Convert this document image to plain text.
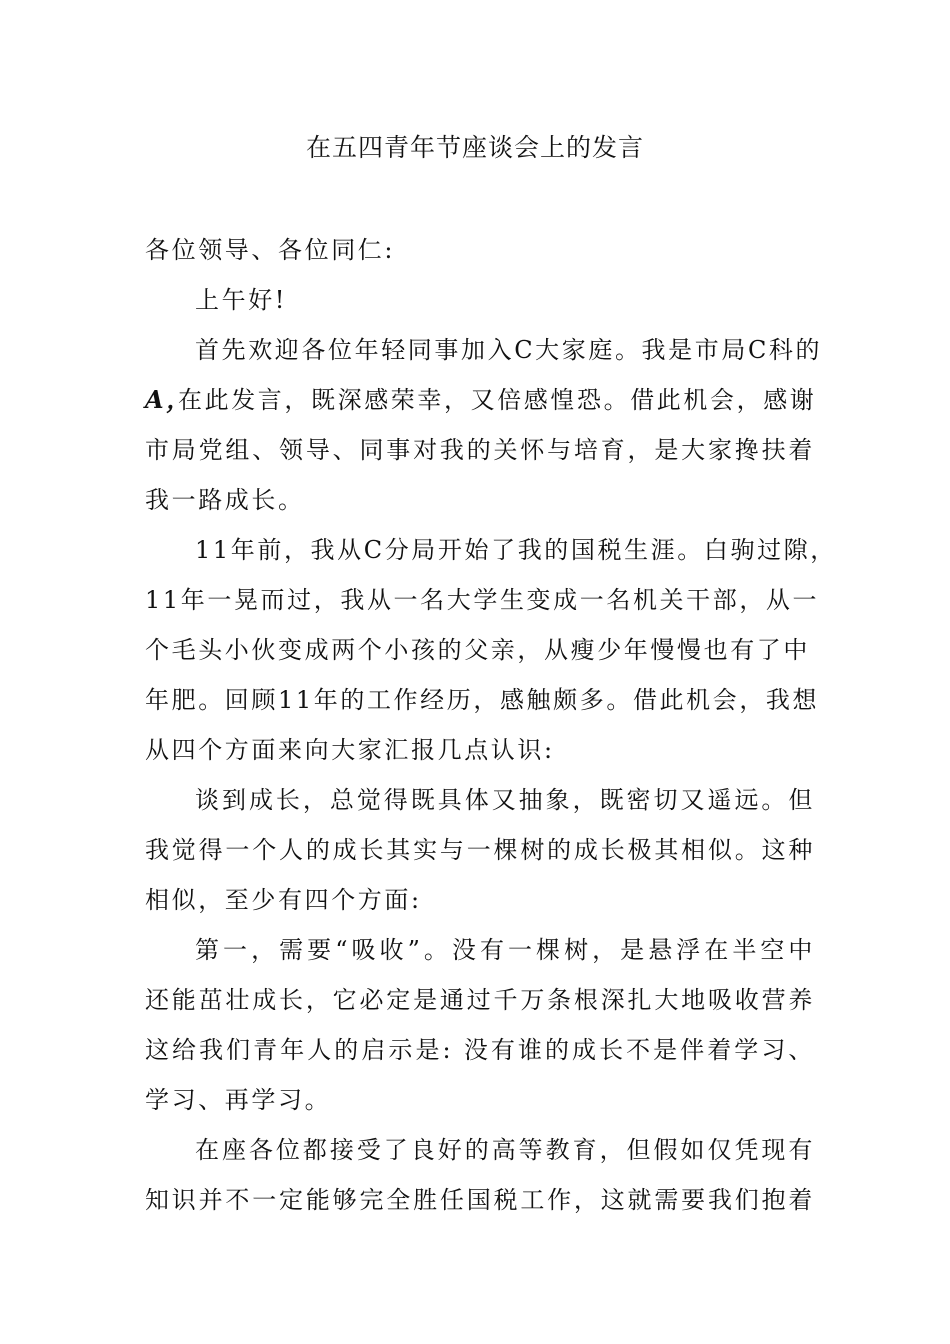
在五四青年节座谈会上的发言
各位领导、各位同仁:
上午好!
首先欢迎各位年轻同事加入C大家庭。我是市局C科的
A，
在此发言，既深感荣幸，又倍感惶恐。借此机会，感谢
市局党组、领导、同事对我的关怀与培育，是大家搀扶着
我一路成长。
11年前，我从C分局开始了我的国税生涯。白驹过隙，
11年一晃而过，我从一名大学生变成一名机关干部，从一
个毛头小伙变成两个小孩的父亲，从瘦少年慢慢也有了中
年肥。回顾11年的工作经历，感触颇多。借此机会，我想
从四个方面来向大家汇报几点认识:
谈到成长，总觉得既具体又抽象，既密切又遥远。但
我觉得一个人的成长其实与一棵树的成长极其相似。这种
相似，至少有四个方面:
第一，需要“吸收”。没有一棵树，是悬浮在半空中
还能茁壮成长，它必定是通过千万条根深扎大地吸收营养
这给我们青年人的启示是: 没有谁的成长不是伴着学习、
学习、再学习。
在座各位都接受了良好的高等教育，但假如仅凭现有
知识并不一定能够完全胜任国税工作，这就需要我们抱着
